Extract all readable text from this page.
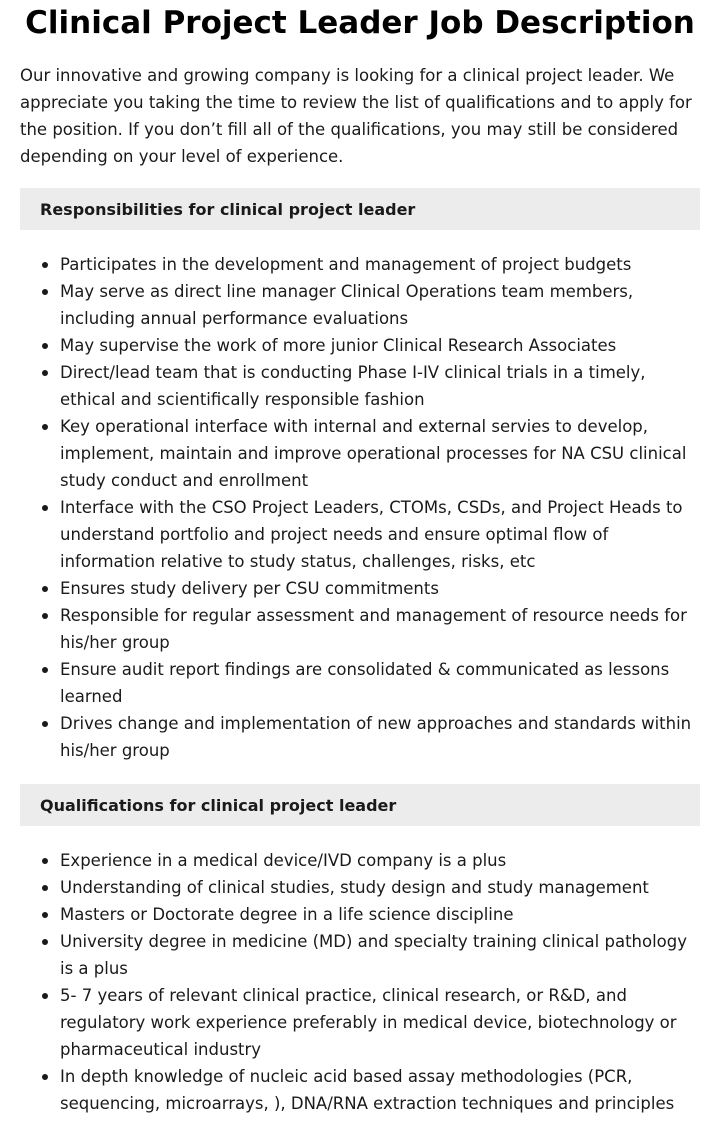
Clinical Project Leader Job Description

Our innovative and growing company is looking for a clinical project leader. We appreciate you taking the time to review the list of qualifications and to apply for the position. If you don’t fill all of the qualifications, you may still be considered depending on your level of experience.

Responsibilities for clinical project leader
Participates in the development and management of project budgets
May serve as direct line manager Clinical Operations team members, including annual performance evaluations
May supervise the work of more junior Clinical Research Associates
Direct/lead team that is conducting Phase I-IV clinical trials in a timely, ethical and scientifically responsible fashion
Key operational interface with internal and external servies to develop, implement, maintain and improve operational processes for NA CSU clinical study conduct and enrollment
Interface with the CSO Project Leaders, CTOMs, CSDs, and Project Heads to understand portfolio and project needs and ensure optimal flow of information relative to study status, challenges, risks, etc
Ensures study delivery per CSU commitments
Responsible for regular assessment and management of resource needs for his/her group
Ensure audit report findings are consolidated & communicated as lessons learned
Drives change and implementation of new approaches and standards within his/her group
Qualifications for clinical project leader
Experience in a medical device/IVD company is a plus
Understanding of clinical studies, study design and study management
Masters or Doctorate degree in a life science discipline
University degree in medicine (MD) and specialty training clinical pathology is a plus
5- 7 years of relevant clinical practice, clinical research, or R&D, and regulatory work experience preferably in medical device, biotechnology or pharmaceutical industry
In depth knowledge of nucleic acid based assay methodologies (PCR, sequencing, microarrays, ), DNA/RNA extraction techniques and principles
